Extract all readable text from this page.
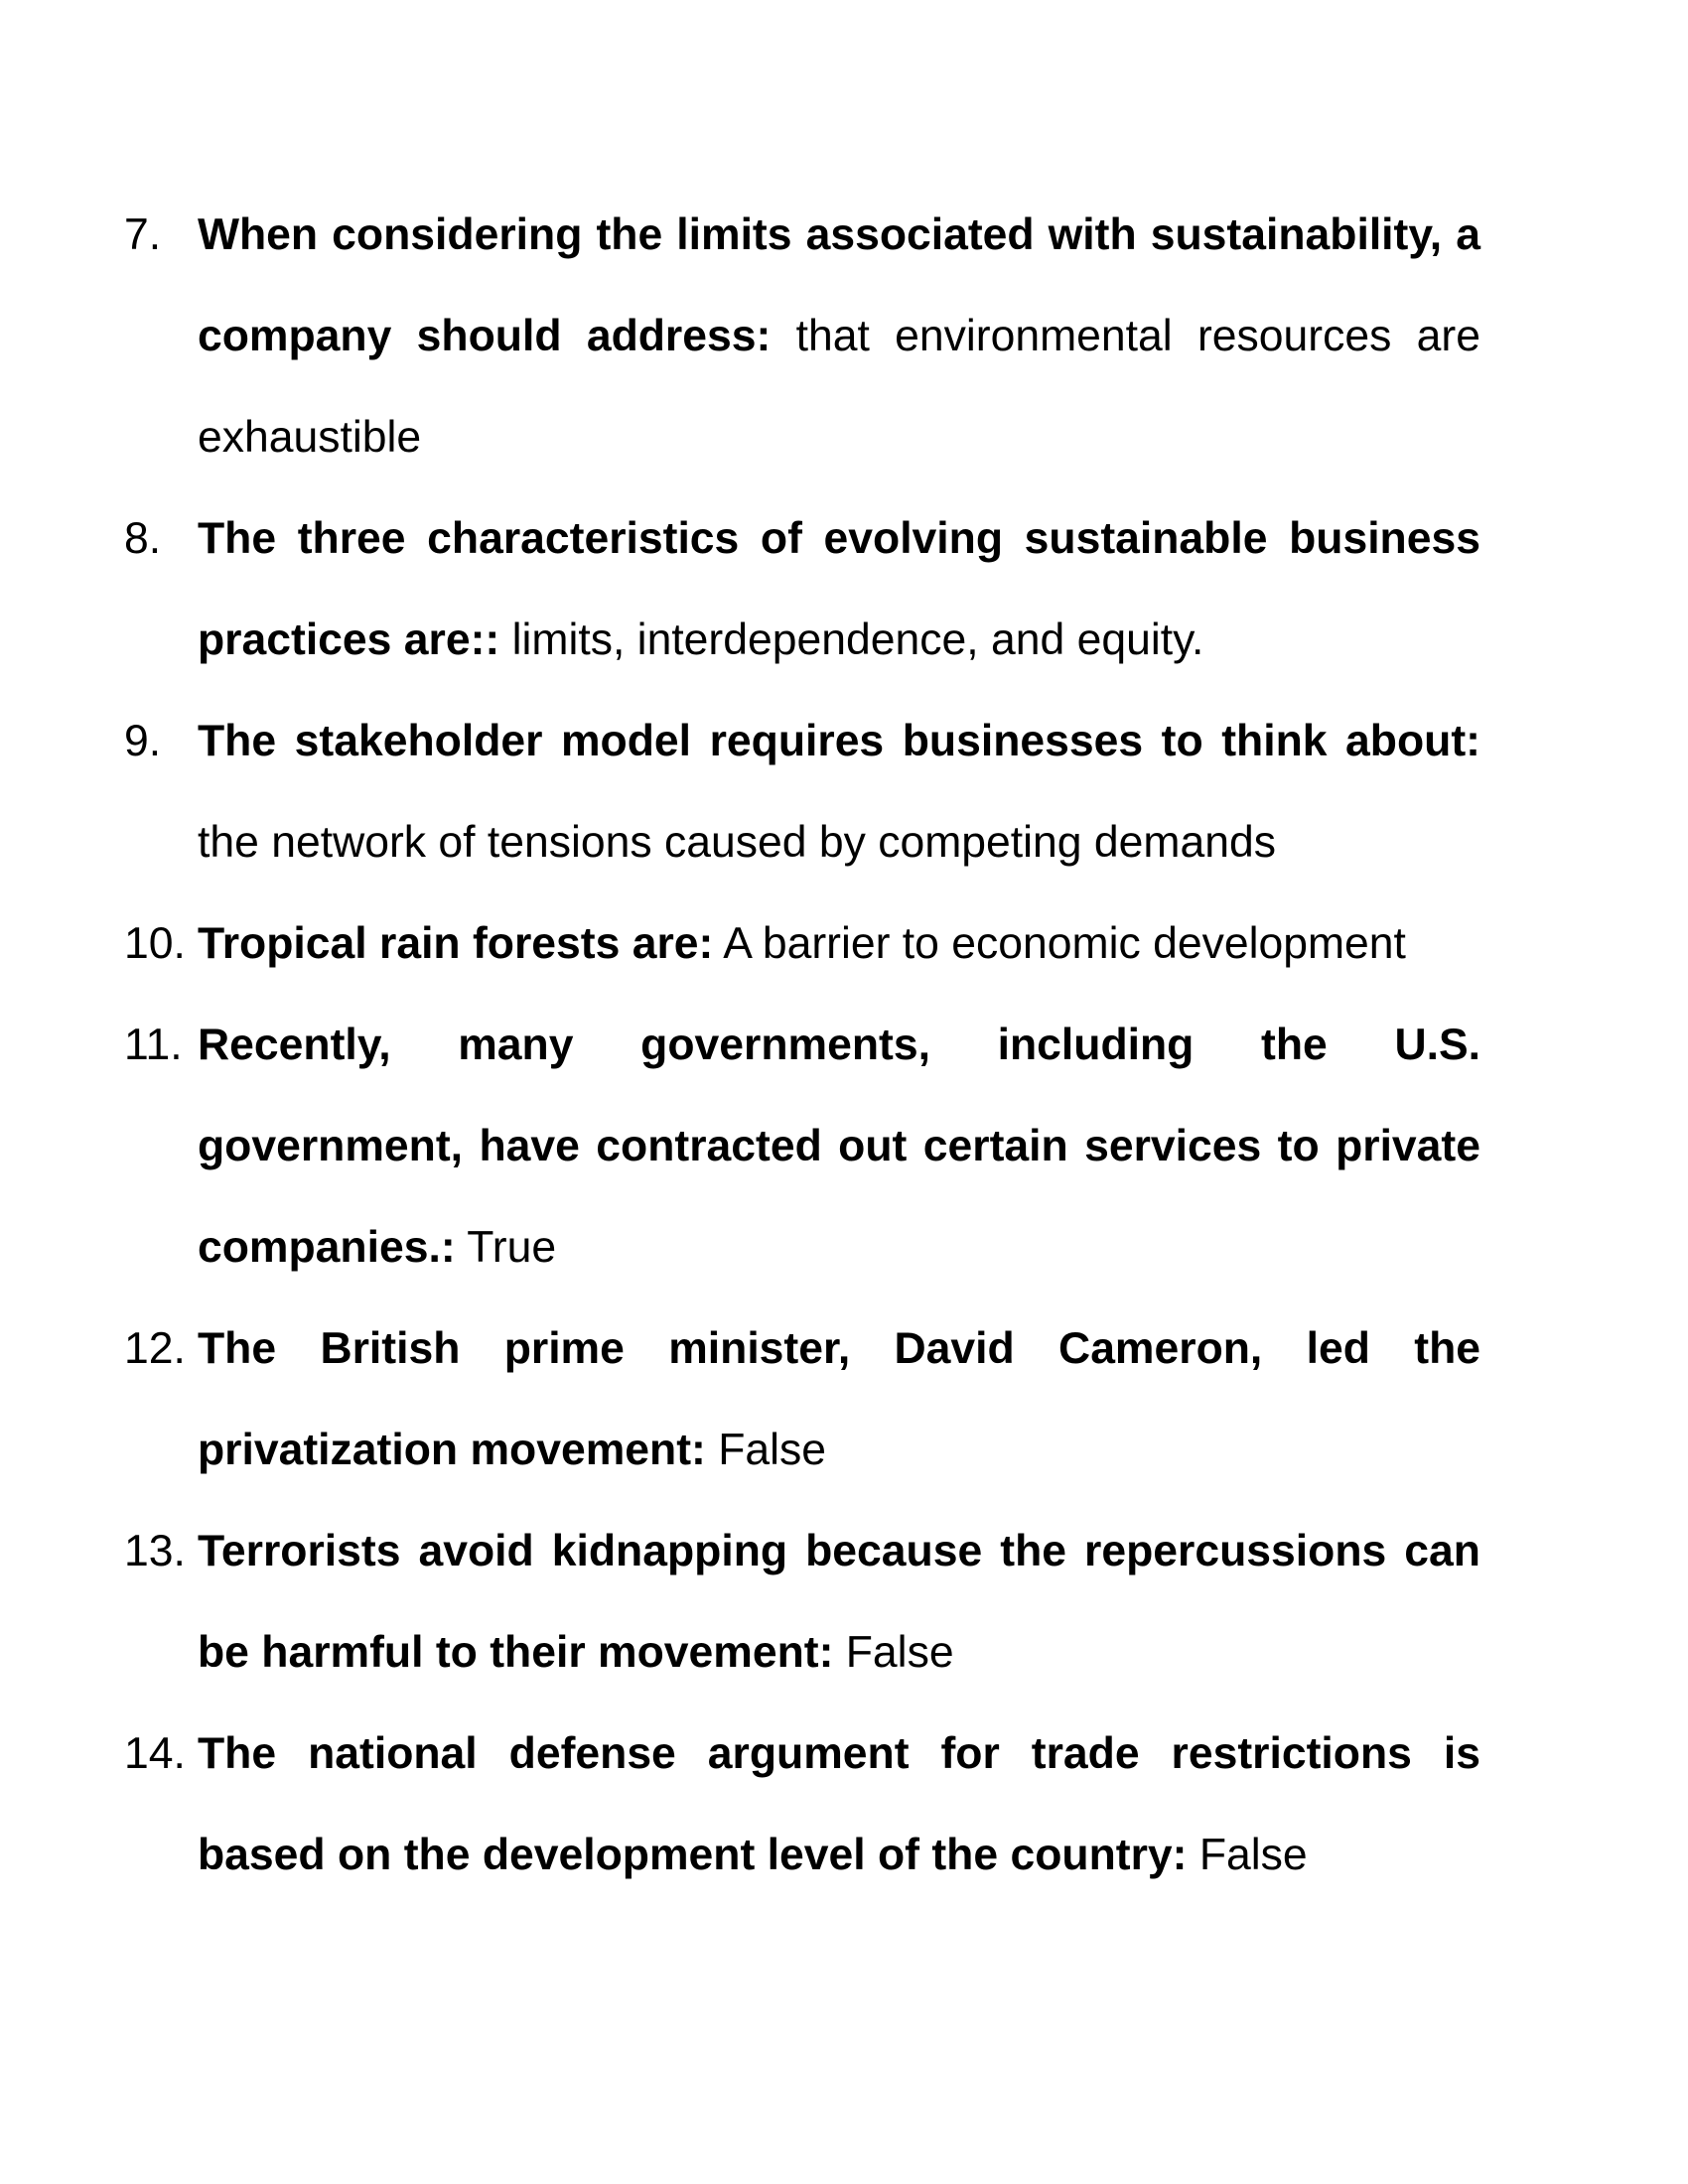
7. When considering the limits associated with sustainability, a company should address: that environmental resources are exhaustible
8. The three characteristics of evolving sustainable business practices are:: limits, interdependence, and equity.
9. The stakeholder model requires businesses to think about: the network of tensions caused by competing demands
10. Tropical rain forests are: A barrier to economic development
11. Recently, many governments, including the U.S. government, have contracted out certain services to private companies.: True
12. The British prime minister, David Cameron, led the privatization movement: False
13. Terrorists avoid kidnapping because the repercussions can be harmful to their movement: False
14. The national defense argument for trade restrictions is based on the development level of the country: False
